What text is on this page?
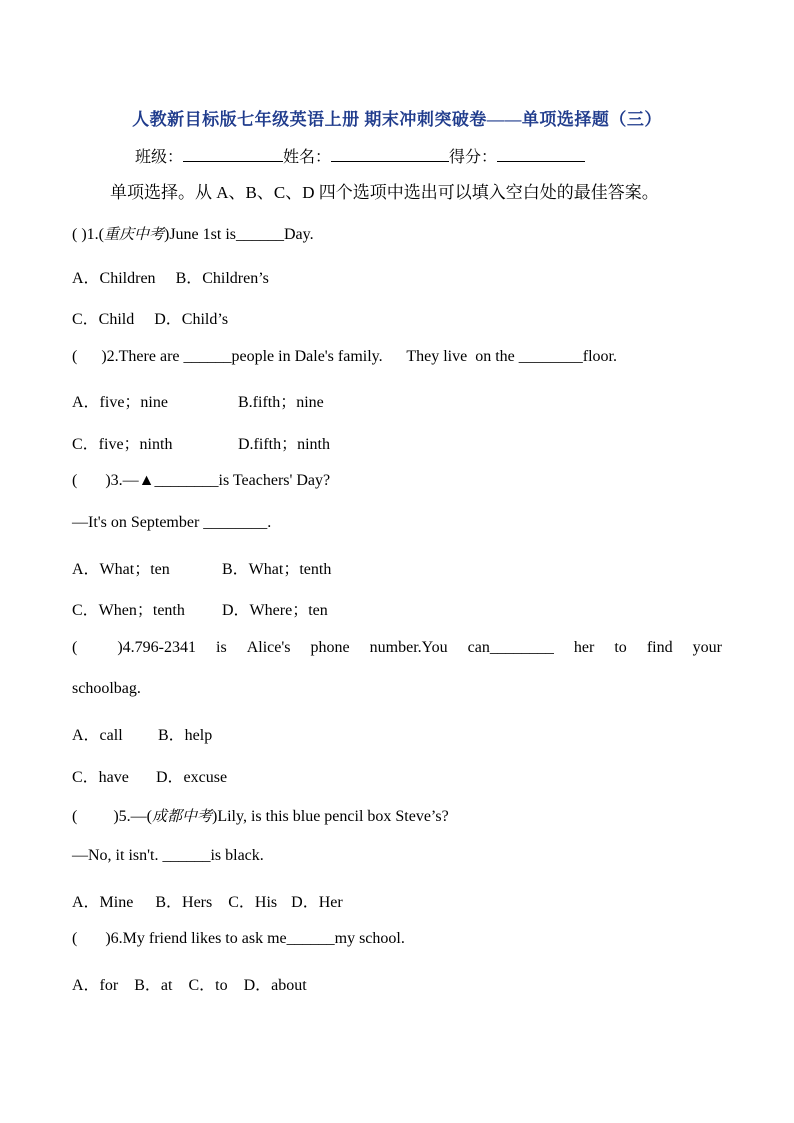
人教新目标版七年级英语上册 期末冲刺突破卷——单项选择题（三）
班级：	姓名：	得分：
单项选择。从 A、B、C、D 四个选项中选出可以填入空白处的最佳答案。
( )1.(重庆中考)June 1st is______Day.
A．Children B．Children’s
C．Child D．Child’s
(      )2.There are ______people in Dale's family.      They live  on the ________floor.
A．five；nine	B.fifth；nine
C．five；ninth	D.fifth；ninth
(       )3.—▲________is Teachers' Day?
—It's on September ________.
A．What；ten	B．What；tenth
C．When；tenth D．Where；ten
(          )4.796-2341 is Alice's phone number.You can________ her to find your
schoolbag.
A．call B．help
C．have D．excuse
(         )5.—(成都中考)Lily, is this blue pencil box Steve’s?
—No, it isn't. ______is black.
A．Mine B．Hers C．His D．Her
(       )6.My friend likes to ask me______my school.
A．for B．at C．to D．about
